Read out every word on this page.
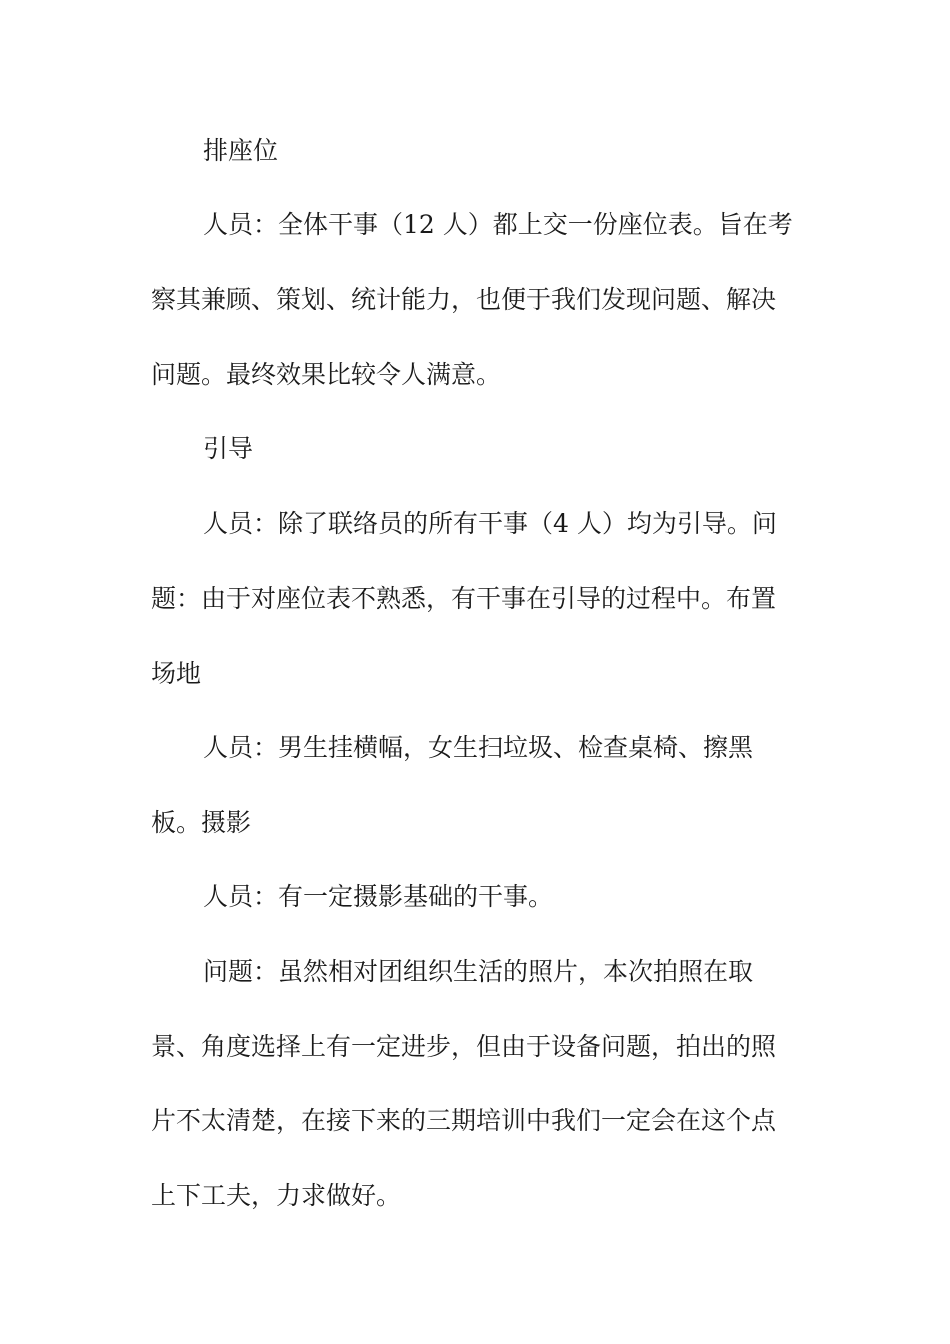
排座位

人员：全体干事（12 人）都上交一份座位表。旨在考

察其兼顾、策划、统计能力，也便于我们发现问题、解决

问题。最终效果比较令人满意。

引导

人员：除了联络员的所有干事（4 人）均为引导。问

题：由于对座位表不熟悉，有干事在引导的过程中。布置

场地

人员：男生挂横幅，女生扫垃圾、检查桌椅、擦黑

板。摄影

人员：有一定摄影基础的干事。

问题：虽然相对团组织生活的照片，本次拍照在取

景、角度选择上有一定进步，但由于设备问题，拍出的照

片不太清楚，在接下来的三期培训中我们一定会在这个点

上下工夫，力求做好。
